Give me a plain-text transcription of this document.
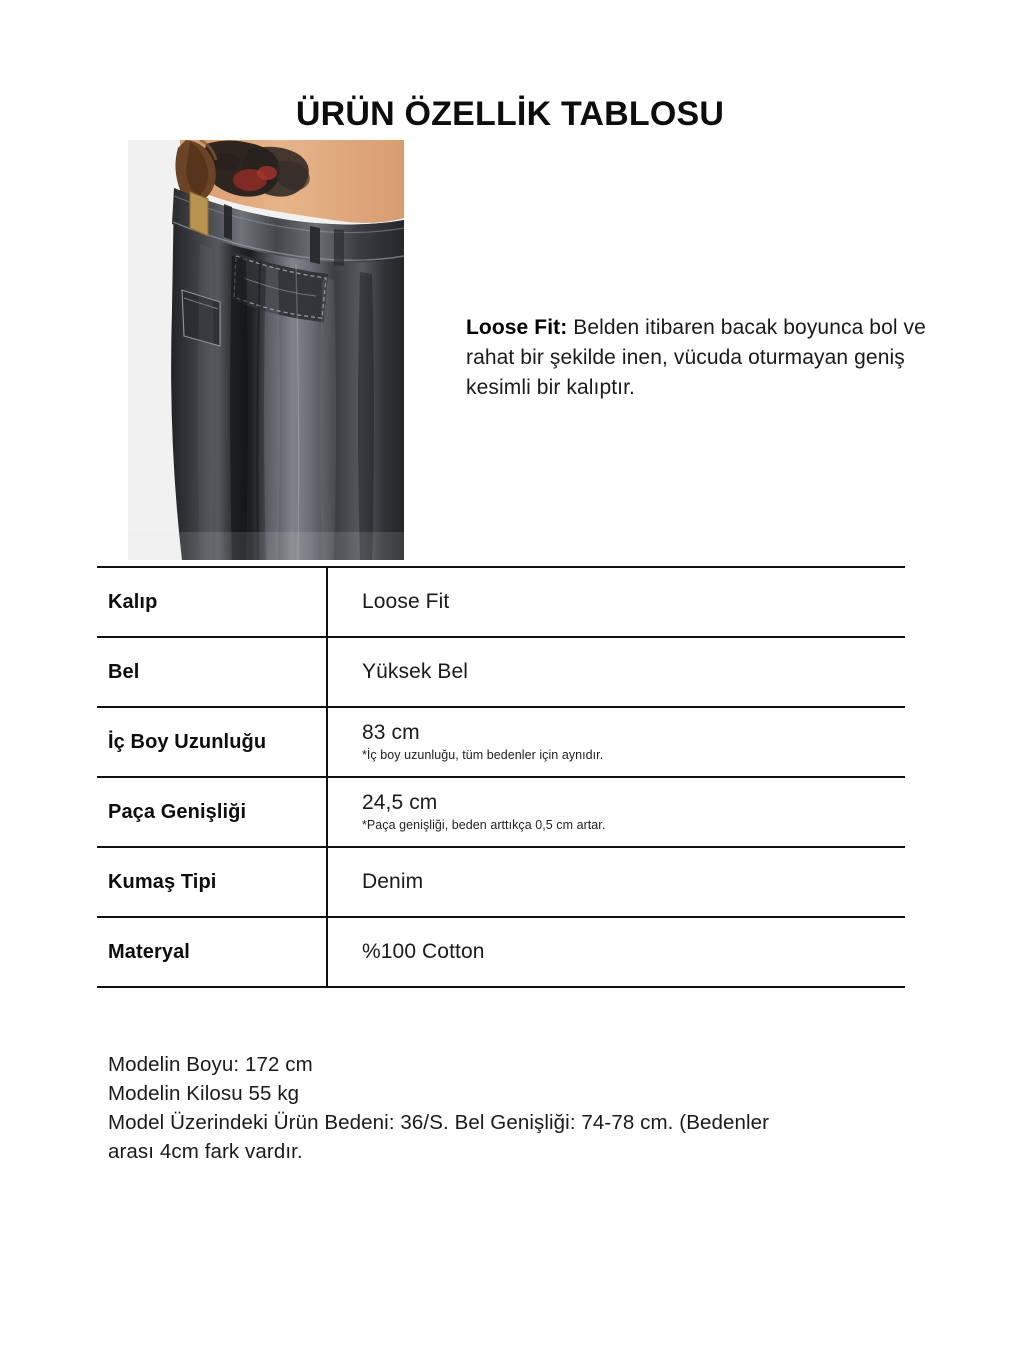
ÜRÜN ÖZELLİK TABLOSU

Loose Fit: Belden itibaren bacak boyunca bol ve rahat bir şekilde inen, vücuda oturmayan geniş kesimli bir kalıptır.

Kalıp	Loose Fit

Bel	Yüksek Bel

İç Boy Uzunluğu	83 cm
*İç boy uzunluğu, tüm bedenler için aynıdır.

Paça Genişliği	24,5 cm
*Paça genişliği, beden arttıkça 0,5 cm artar.

Kumaş Tipi	Denim

Materyal	%100 Cotton
Modelin Boyu: 172 cm
Modelin Kilosu 55 kg
Model Üzerindeki Ürün Bedeni: 36/S. Bel Genişliği: 74-78 cm. (Bedenler
arası 4cm fark vardır.
